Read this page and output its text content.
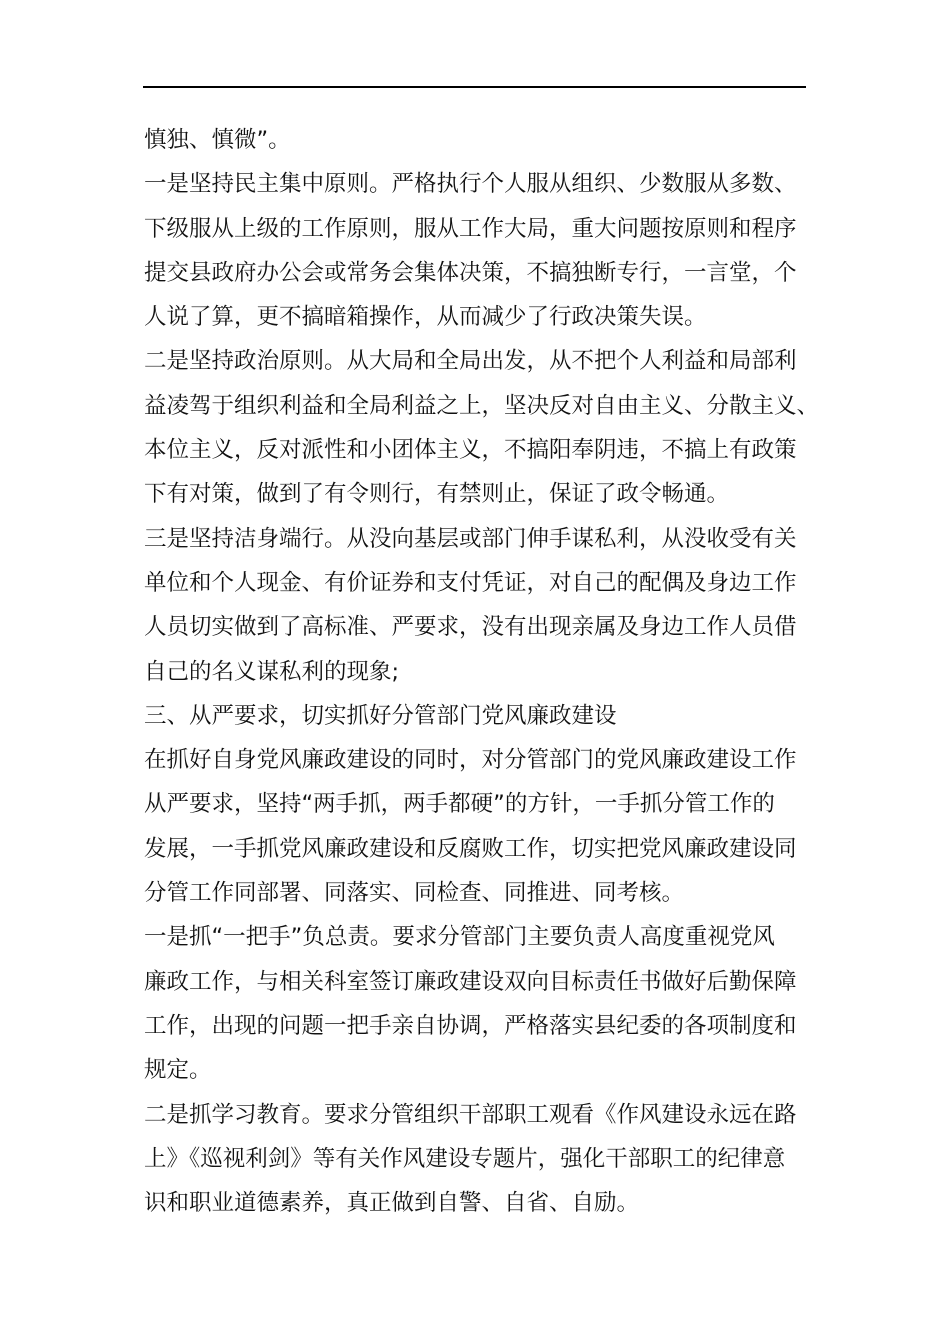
慎独、慎微”。
一是坚持民主集中原则。严格执行个人服从组织、少数服从多数、
下级服从上级的工作原则，服从工作大局，重大问题按原则和程序
提交县政府办公会或常务会集体决策，不搞独断专行，一言堂，个
人说了算，更不搞暗箱操作，从而减少了行政决策失误。
二是坚持政治原则。从大局和全局出发，从不把个人利益和局部利
益凌驾于组织利益和全局利益之上，坚决反对自由主义、分散主义、
本位主义，反对派性和小团体主义，不搞阳奉阴违，不搞上有政策
下有对策，做到了有令则行，有禁则止，保证了政令畅通。
三是坚持洁身端行。从没向基层或部门伸手谋私利，从没收受有关
单位和个人现金、有价证券和支付凭证，对自己的配偶及身边工作
人员切实做到了高标准、严要求，没有出现亲属及身边工作人员借
自己的名义谋私利的现象;
三、从严要求，切实抓好分管部门党风廉政建设
在抓好自身党风廉政建设的同时，对分管部门的党风廉政建设工作
从严要求，坚持“两手抓，两手都硬”的方针，一手抓分管工作的
发展，一手抓党风廉政建设和反腐败工作，切实把党风廉政建设同
分管工作同部署、同落实、同检查、同推进、同考核。
一是抓“一把手”负总责。要求分管部门主要负责人高度重视党风
廉政工作，与相关科室签订廉政建设双向目标责任书做好后勤保障
工作，出现的问题一把手亲自协调，严格落实县纪委的各项制度和
规定。
二是抓学习教育。要求分管组织干部职工观看《作风建设永远在路
上》《巡视利剑》等有关作风建设专题片，强化干部职工的纪律意
识和职业道德素养，真正做到自警、自省、自励。
